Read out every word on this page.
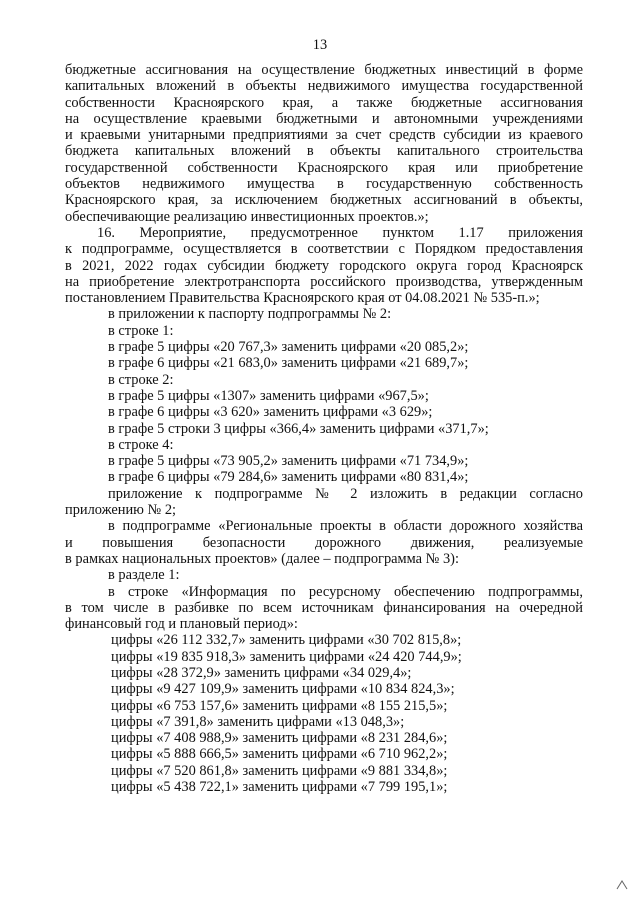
13
бюджетные ассигнования на осуществление бюджетных инвестиций в форме
капитальных вложений в объекты недвижимого имущества государственной
собственности Красноярского края, а также бюджетные ассигнования
на осуществление краевыми бюджетными и автономными учреждениями
и краевыми унитарными предприятиями за счет средств субсидии из краевого
бюджета капитальных вложений в объекты капитального строительства
государственной собственности Красноярского края или приобретение
объектов недвижимого имущества в государственную собственность
Красноярского края, за исключением бюджетных ассигнований в объекты,
обеспечивающие реализацию инвестиционных проектов.»;
16. Мероприятие, предусмотренное пунктом 1.17 приложения
к подпрограмме, осуществляется в соответствии с Порядком предоставления
в 2021, 2022 годах субсидии бюджету городского округа город Красноярск
на приобретение электротранспорта российского производства, утвержденным
постановлением Правительства Красноярского края от 04.08.2021 № 535-п.»;
в приложении к паспорту подпрограммы № 2:
в строке 1:
в графе 5 цифры «20 767,3» заменить цифрами «20 085,2»;
в графе 6 цифры «21 683,0» заменить цифрами «21 689,7»;
в строке 2:
в графе 5 цифры «1307» заменить цифрами «967,5»;
в графе 6 цифры «3 620» заменить цифрами «3 629»;
в графе 5 строки 3 цифры «366,4» заменить цифрами «371,7»;
в строке 4:
в графе 5 цифры «73 905,2» заменить цифрами «71 734,9»;
в графе 6 цифры «79 284,6» заменить цифрами «80 831,4»;
приложение к подпрограмме № 2 изложить в редакции согласно
приложению № 2;
в подпрограмме «Региональные проекты в области дорожного хозяйства
и повышения безопасности дорожного движения, реализуемые
в рамках национальных проектов» (далее – подпрограмма № 3):
в разделе 1:
в строке «Информация по ресурсному обеспечению подпрограммы,
в том числе в разбивке по всем источникам финансирования на очередной
финансовый год и плановый период»:
цифры «26 112 332,7» заменить цифрами «30 702 815,8»;
цифры «19 835 918,3» заменить цифрами «24 420 744,9»;
цифры «28 372,9» заменить цифрами «34 029,4»;
цифры «9 427 109,9» заменить цифрами «10 834 824,3»;
цифры «6 753 157,6» заменить цифрами «8 155 215,5»;
цифры «7 391,8» заменить цифрами «13 048,3»;
цифры «7 408 988,9» заменить цифрами «8 231 284,6»;
цифры «5 888 666,5» заменить цифрами «6 710 962,2»;
цифры «7 520 861,8» заменить цифрами «9 881 334,8»;
цифры «5 438 722,1» заменить цифрами «7 799 195,1»;
